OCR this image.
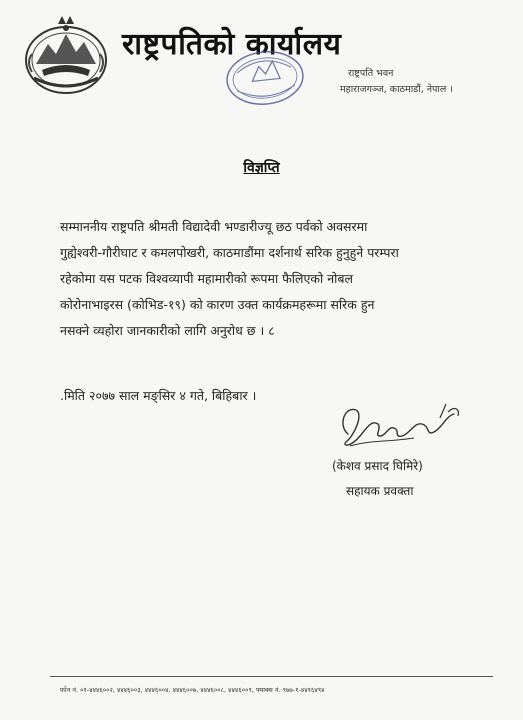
राष्ट्रपतिको कार्यालय
राष्ट्रपति भवन
महाराजगञ्ज, काठमाडौं, नेपाल ।
विज्ञप्ति
सम्माननीय राष्ट्रपति श्रीमती विद्यादेवी भण्डारीज्यू छठ पर्वको अवसरमा
गुह्येश्वरी-गौरीघाट र कमलपोखरी, काठमाडौंमा दर्शनार्थ सरिक हुनुहुने परम्परा
रहेकोमा यस पटक विश्वव्यापी महामारीको रूपमा फैलिएको नोबल
कोरोनाभाइरस (कोभिड-१९) को कारण उक्त कार्यक्रमहरूमा सरिक हुन
नसक्ने व्यहोरा जानकारीको लागि अनुरोध छ । ८
.मिति २०७७ साल मङ्सिर ४ गते, बिहिबार ।
(केशव प्रसाद घिमिरे)
सहायक प्रवक्ता
फोन नं. ०१-४४४६००२, ४४४६००३, ४४४६००४, ४४४६००७, ४४४६००८, ४४४६००९, फ्याक्स नं. ९७७-१-४४१६४९४
